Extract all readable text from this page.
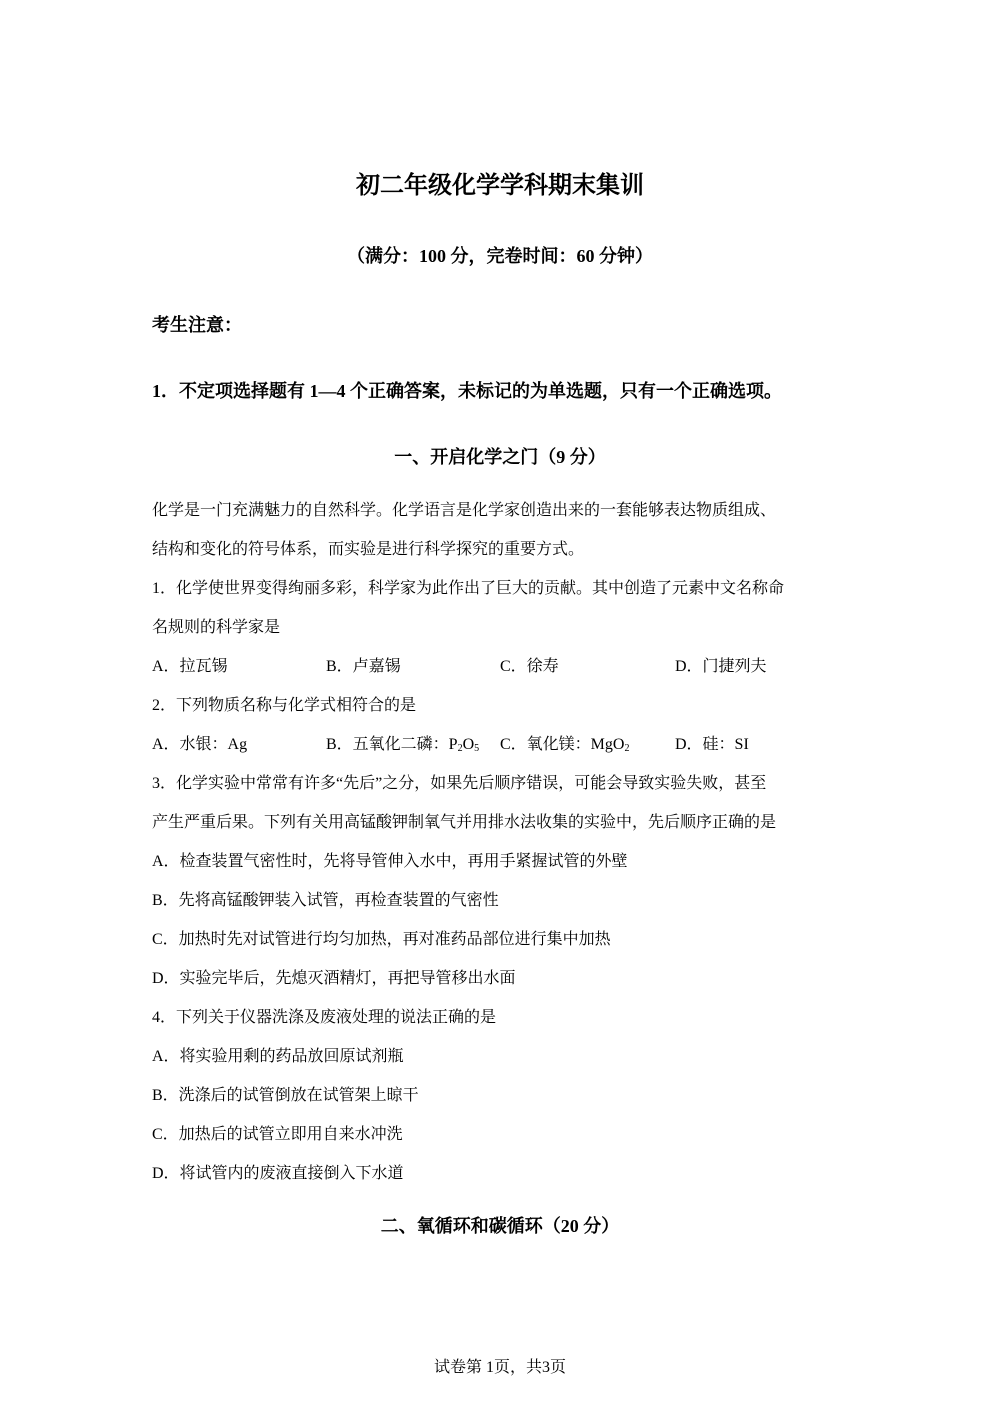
初二年级化学学科期末集训
（满分：100 分，完卷时间：60 分钟）
考生注意：
1．不定项选择题有 1—4 个正确答案，未标记的为单选题，只有一个正确选项。
一、开启化学之门（9 分）
化学是一门充满魅力的自然科学。化学语言是化学家创造出来的一套能够表达物质组成、
结构和变化的符号体系，而实验是进行科学探究的重要方式。
1．化学使世界变得绚丽多彩，科学家为此作出了巨大的贡献。其中创造了元素中文名称命
名规则的科学家是
A．拉瓦锡	B．卢嘉锡	C．徐寿	D．门捷列夫
2．下列物质名称与化学式相符合的是
A．水银：Ag	B．五氧化二磷：$P_2O_5$ C．氧化镁：MgO$_2$	D．硅：SI
3．化学实验中常常有许多“先后”之分，如果先后顺序错误，可能会导致实验失败，甚至
产生严重后果。下列有关用高锰酸钾制氧气并用排水法收集的实验中，先后顺序正确的是
A．检查装置气密性时，先将导管伸入水中，再用手紧握试管的外壁
B．先将高锰酸钾装入试管，再检查装置的气密性
C．加热时先对试管进行均匀加热，再对准药品部位进行集中加热
D．实验完毕后，先熄灭酒精灯，再把导管移出水面
4．下列关于仪器洗涤及废液处理的说法正确的是
A．将实验用剩的药品放回原试剂瓶
B．洗涤后的试管倒放在试管架上晾干
C．加热后的试管立即用自来水冲洗
D．将试管内的废液直接倒入下水道
二、氧循环和碳循环（20 分）
试卷第 1页，共3页
